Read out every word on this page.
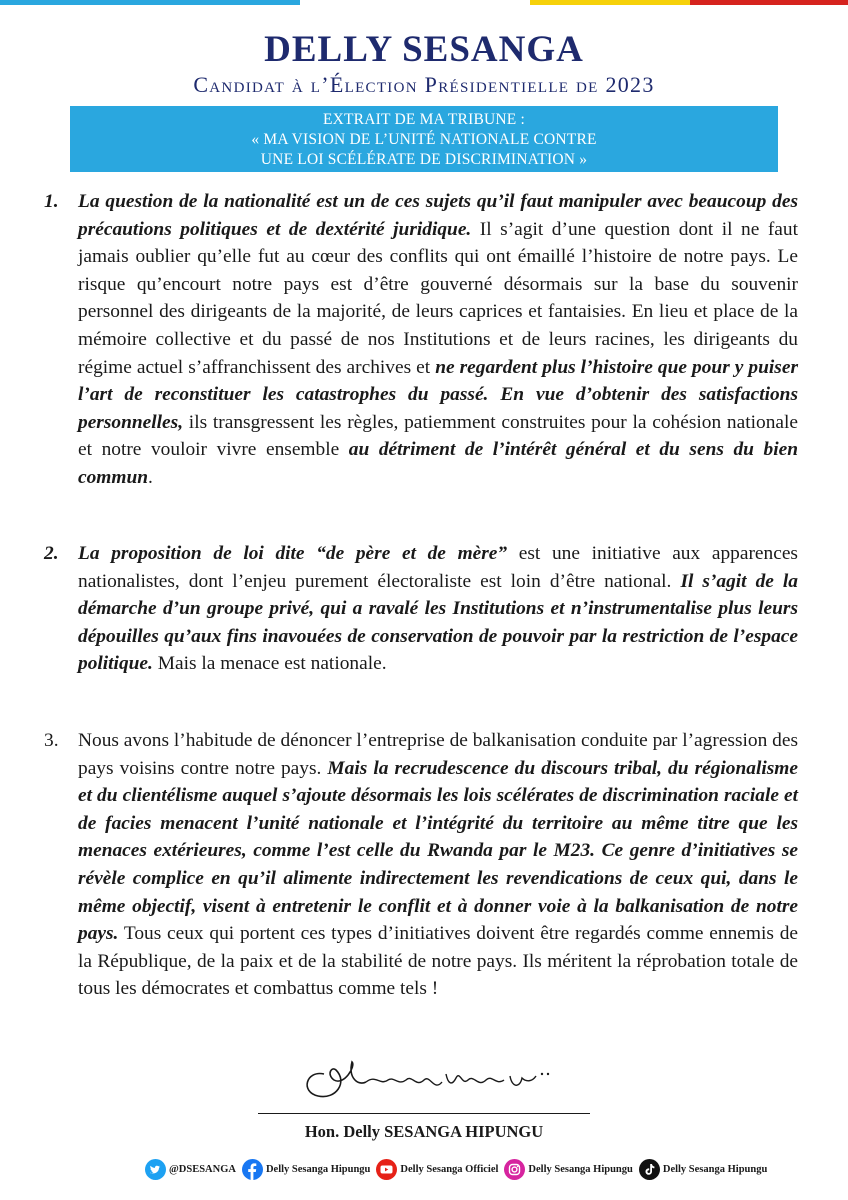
DELLY SESANGA
Candidat à l’Élection Présidentielle de 2023
EXTRAIT DE MA TRIBUNE :
« MA VISION DE L’UNITÉ NATIONALE CONTRE
UNE LOI SCÉLÉRATE DE DISCRIMINATION »
1.	La question de la nationalité est un de ces sujets qu’il faut manipuler avec beaucoup des précautions politiques et de dextérité juridique. Il s’agit d’une question dont il ne faut jamais oublier qu’elle fut au cœur des conflits qui ont émaillé l’histoire de notre pays. Le risque qu’encourt notre pays est d’être gouverné désormais sur la base du souvenir personnel des dirigeants de la majorité, de leurs caprices et fantaisies. En lieu et place de la mémoire collective et du passé de nos Institutions et de leurs racines, les dirigeants du régime actuel s’affranchissent des archives et ne regardent plus l’histoire que pour y puiser l’art de reconstituer les catastrophes du passé. En vue d’obtenir des satisfactions personnelles, ils transgressent les règles, patiemment construites pour la cohésion nationale et notre vouloir vivre ensemble au détriment de l’intérêt général et du sens du bien commun.
2.	La proposition de loi dite “de père et de mère” est une initiative aux apparences nationalistes, dont l’enjeu purement électoraliste est loin d’être national. Il s’agit de la démarche d’un groupe privé, qui a ravalé les Institutions et n’instrumentalise plus leurs dépouilles qu’aux fins inavouées de conservation de pouvoir par la restriction de l’espace politique. Mais la menace est nationale.
3.	Nous avons l’habitude de dénoncer l’entreprise de balkanisation conduite par l’agression des pays voisins contre notre pays. Mais la recrudescence du discours tribal, du régionalisme et du clientélisme auquel s’ajoute désormais les lois scélérates de discrimination raciale et de facies menacent l’unité nationale et l’intégrité du territoire au même titre que les menaces extérieures, comme l’est celle du Rwanda par le M23. Ce genre d’initiatives se révèle complice en qu’il alimente indirectement les revendications de ceux qui, dans le même objectif, visent à entretenir le conflit et à donner voie à la balkanisation de notre pays. Tous ceux qui portent ces types d’initiatives doivent être regardés comme ennemis de la République, de la paix et de la stabilité de notre pays. Ils méritent la réprobation totale de tous les démocrates et combattus comme tels !
Hon. Delly SESANGA HIPUNGU
@DSESANGA	Delly Sesanga Hipungu	Delly Sesanga Officiel	Delly Sesanga Hipungu	Delly Sesanga Hipungu
